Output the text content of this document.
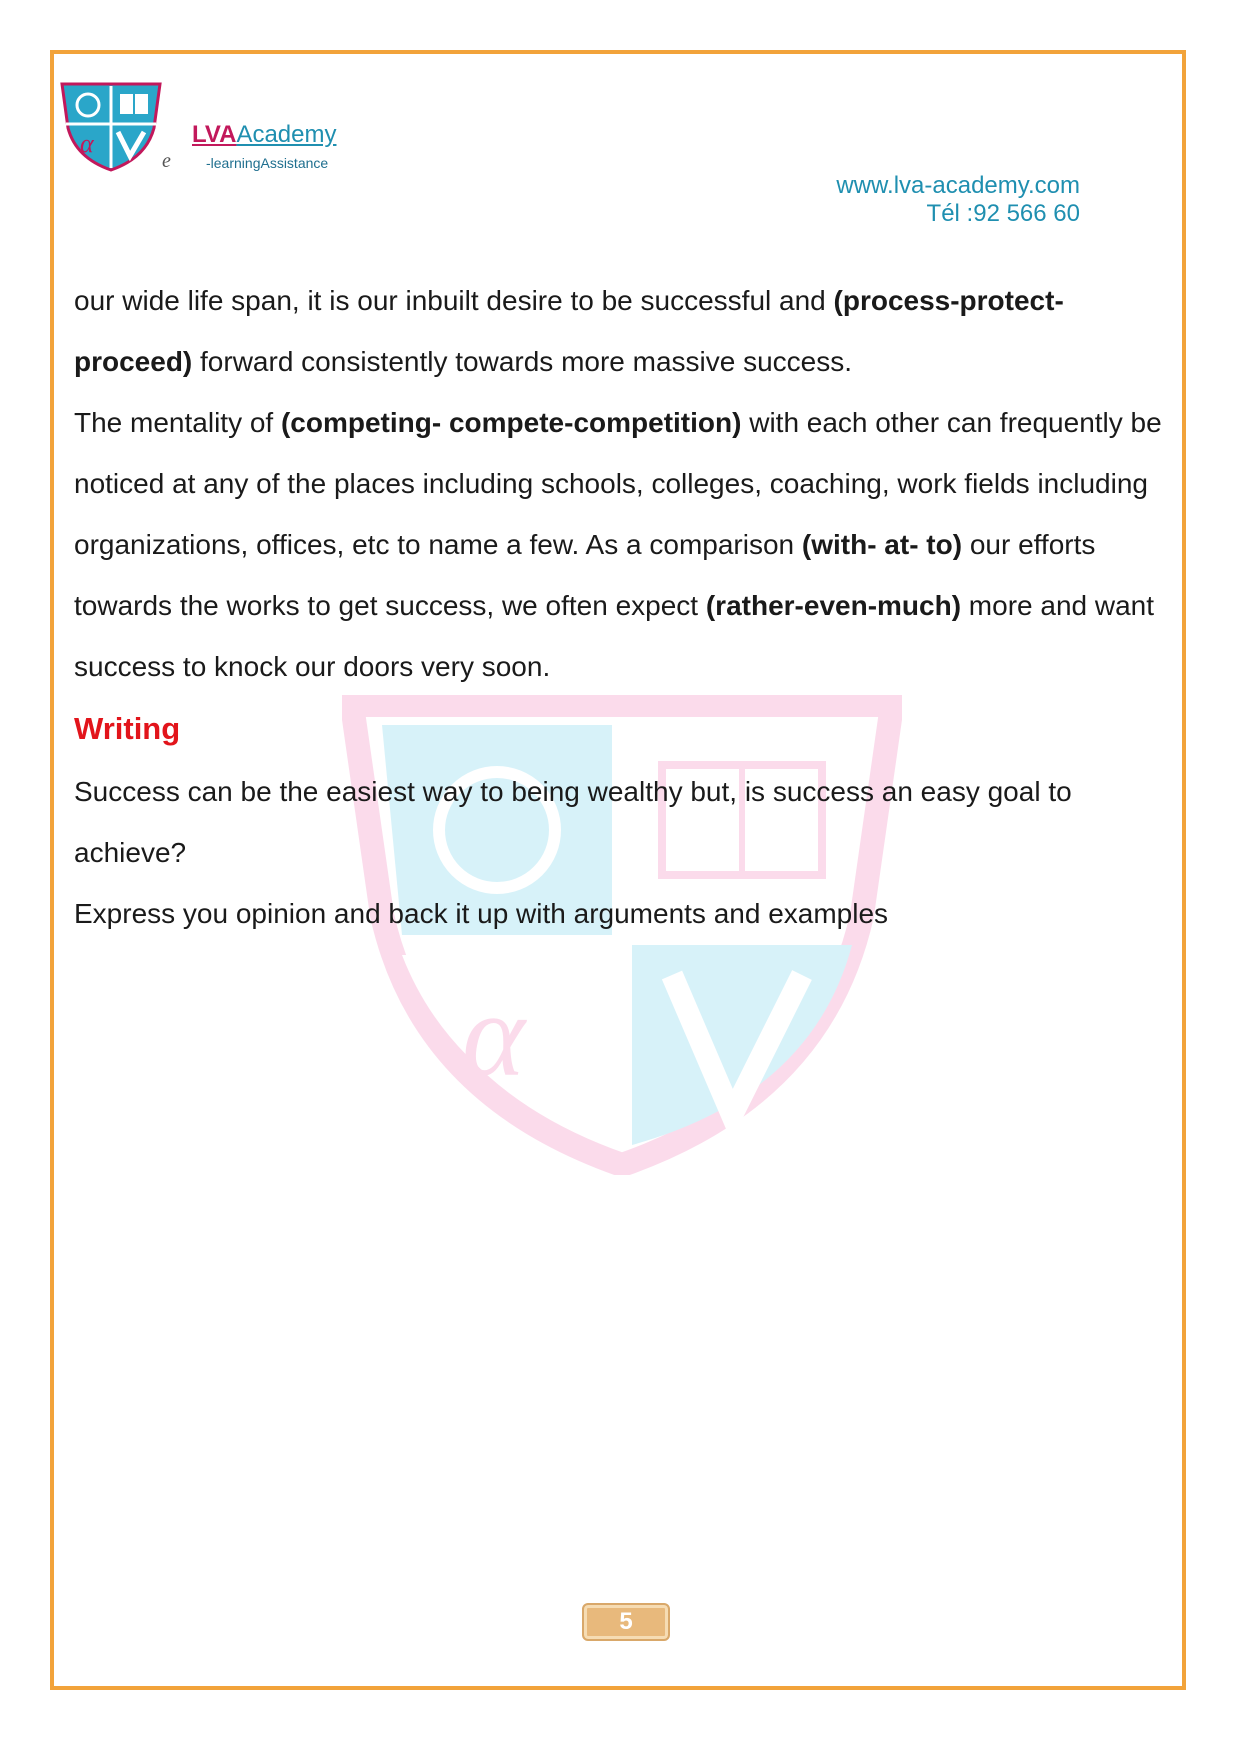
α	LVAAcademy
e	-learningAssistance
www.lva-academy.com
Tél :92 566 60
α

our wide life span, it is our inbuilt desire to be successful and (process-protect-proceed) forward consistently towards more massive success.

The mentality of (competing- compete-competition) with each other can frequently be noticed at any of the places including schools, colleges, coaching, work fields including organizations, offices, etc to name a few. As a comparison (with- at- to) our efforts towards the works to get success, we often expect (rather-even-much) more and want success to knock our doors very soon.

Writing

Success can be the easiest way to being wealthy but, is success an easy goal to achieve?

Express you opinion and back it up with arguments and examples

5
